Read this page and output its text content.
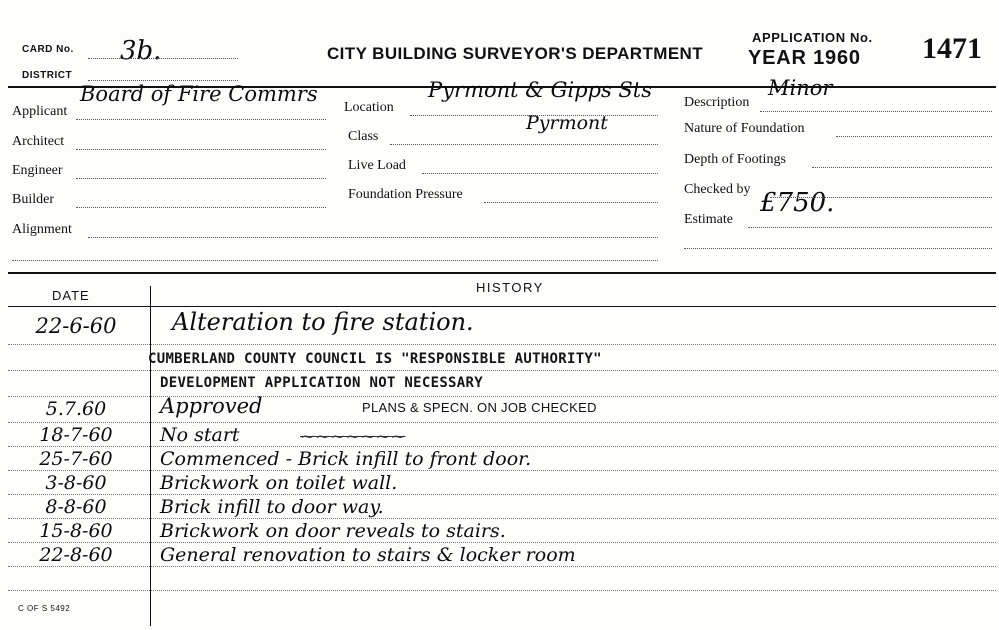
CARD No. 3b.
DISTRICT
CITY BUILDING SURVEYOR'S DEPARTMENT
APPLICATION No.
YEAR 1960 1471
Applicant
Board of Fire Commrs
Architect
Engineer
Builder
Alignment
Location
Pyrmont & Gipps Sts
Pyrmont
Class
Live Load
Foundation Pressure
Description
Minor
Nature of Foundation
Depth of Footings
Checked by £750.
Estimate
DATE
HISTORY
22-6-60	Alteration to fire station.
CUMBERLAND COUNTY COUNCIL IS "RESPONSIBLE AUTHORITY"
DEVELOPMENT APPLICATION NOT NECESSARY
5.7.60	Approved	PLANS & SPECN. ON JOB CHECKED
18-7-60	No start	~~~~~~~
25-7-60	Commenced - Brick infill to front door.
3-8-60	Brickwork on toilet wall.
8-8-60	Brick infill to door way.
15-8-60	Brickwork on door reveals to stairs.
22-8-60	General renovation to stairs & locker room
C OF S 5492
